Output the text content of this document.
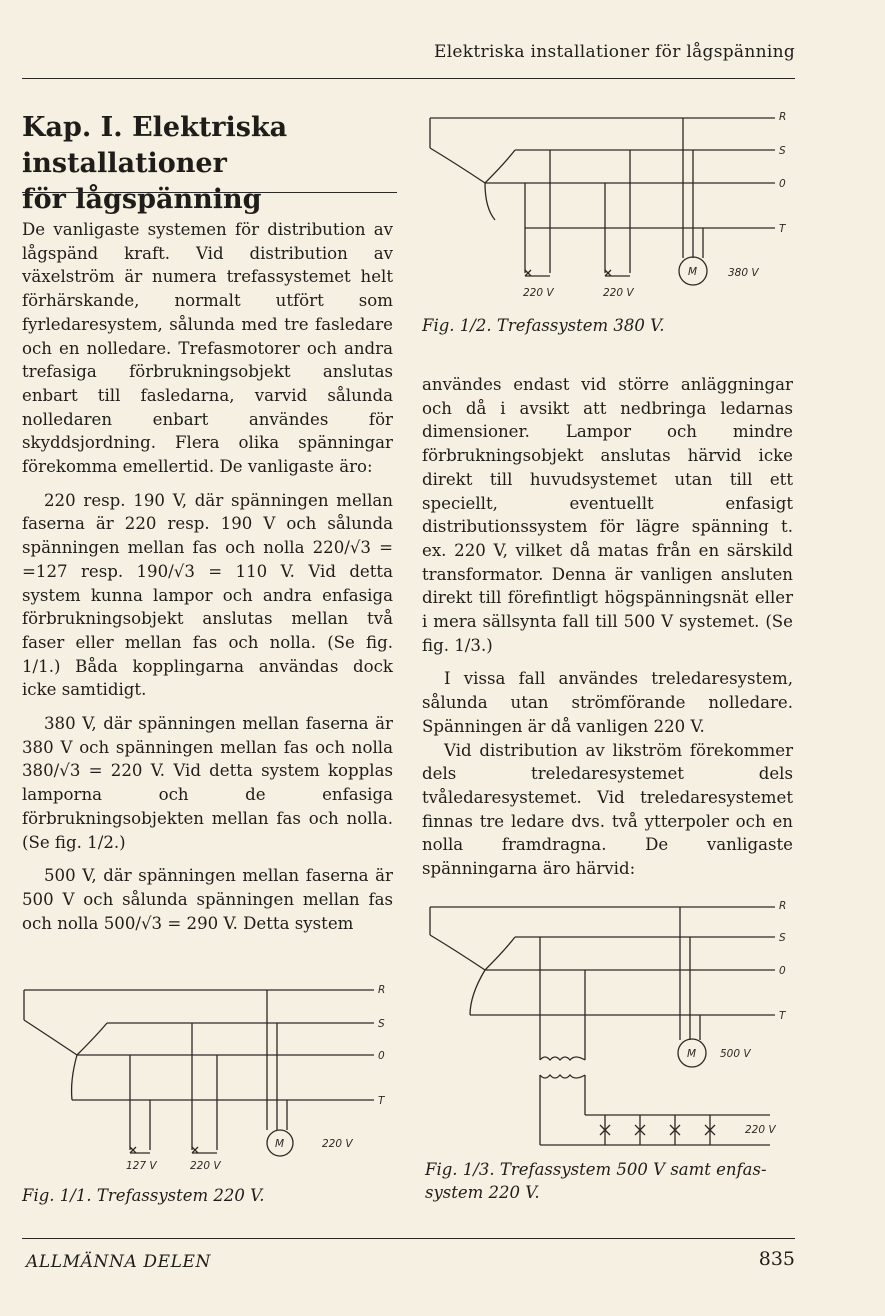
Elektriska installationer för lågspänning
Kap. I. Elektriska installationer
för lågspänning

De vanligaste systemen för distribution av lågspänd kraft. Vid distribution av växelström är numera trefassystemet helt förhärskande, normalt utfört som fyrledaresystem, sålunda med tre fasledare och en nolledare. Trefasmotorer och andra trefasiga förbrukningsobjekt anslutas enbart till fasledarna, varvid sålunda nolledaren enbart användes för skyddsjordning. Flera olika spänningar förekomma emellertid. De vanligaste äro:

220 resp. 190 V, där spänningen mellan faserna är 220 resp. 190 V och sålunda spänningen mellan fas och nolla 220/√3 = =127 resp. 190/√3 = 110 V. Vid detta system kunna lampor och andra enfasiga förbrukningsobjekt anslutas mellan två faser eller mellan fas och nolla. (Se fig. 1/1.) Båda kopplingarna användas dock icke samtidigt.

380 V, där spänningen mellan faserna är 380 V och spänningen mellan fas och nolla 380/√3 = 220 V. Vid detta system kopplas lamporna och de enfasiga förbrukningsobjekten mellan fas och nolla. (Se fig. 1/2.)

500 V, där spänningen mellan faserna är 500 V och sålunda spänningen mellan fas och nolla 500/√3 = 290 V. Detta system

R
S
0
T
M	380 V
220 V	220 V
Fig. 1/2. Trefassystem 380 V.

användes endast vid större anläggningar och då i avsikt att nedbringa ledarnas dimensioner. Lampor och mindre förbrukningsobjekt anslutas härvid icke direkt till huvudsystemet utan till ett speciellt, eventuellt enfasigt distributionssystem för lägre spänning t. ex. 220 V, vilket då matas från en särskild transformator. Denna är vanligen ansluten direkt till förefintligt högspänningsnät eller i mera sällsynta fall till 500 V systemet. (Se fig. 1/3.)

I vissa fall användes treledaresystem, sålunda utan strömförande nolledare. Spänningen är då vanligen 220 V.

Vid distribution av likström förekommer dels treledaresystemet dels tvåledaresystemet. Vid treledaresystemet finnas tre ledare dvs. två ytterpoler och en nolla framdragna. De vanligaste spänningarna äro härvid:

R
S
0
T
M 500 V
220 V
Fig. 1/3. Trefassystem 500 V samt enfas-
system 220 V.
R
S
0
T
M	220 V
127 V	220 V
Fig. 1/1. Trefassystem 220 V.
ALLMÄNNA DELEN	835
